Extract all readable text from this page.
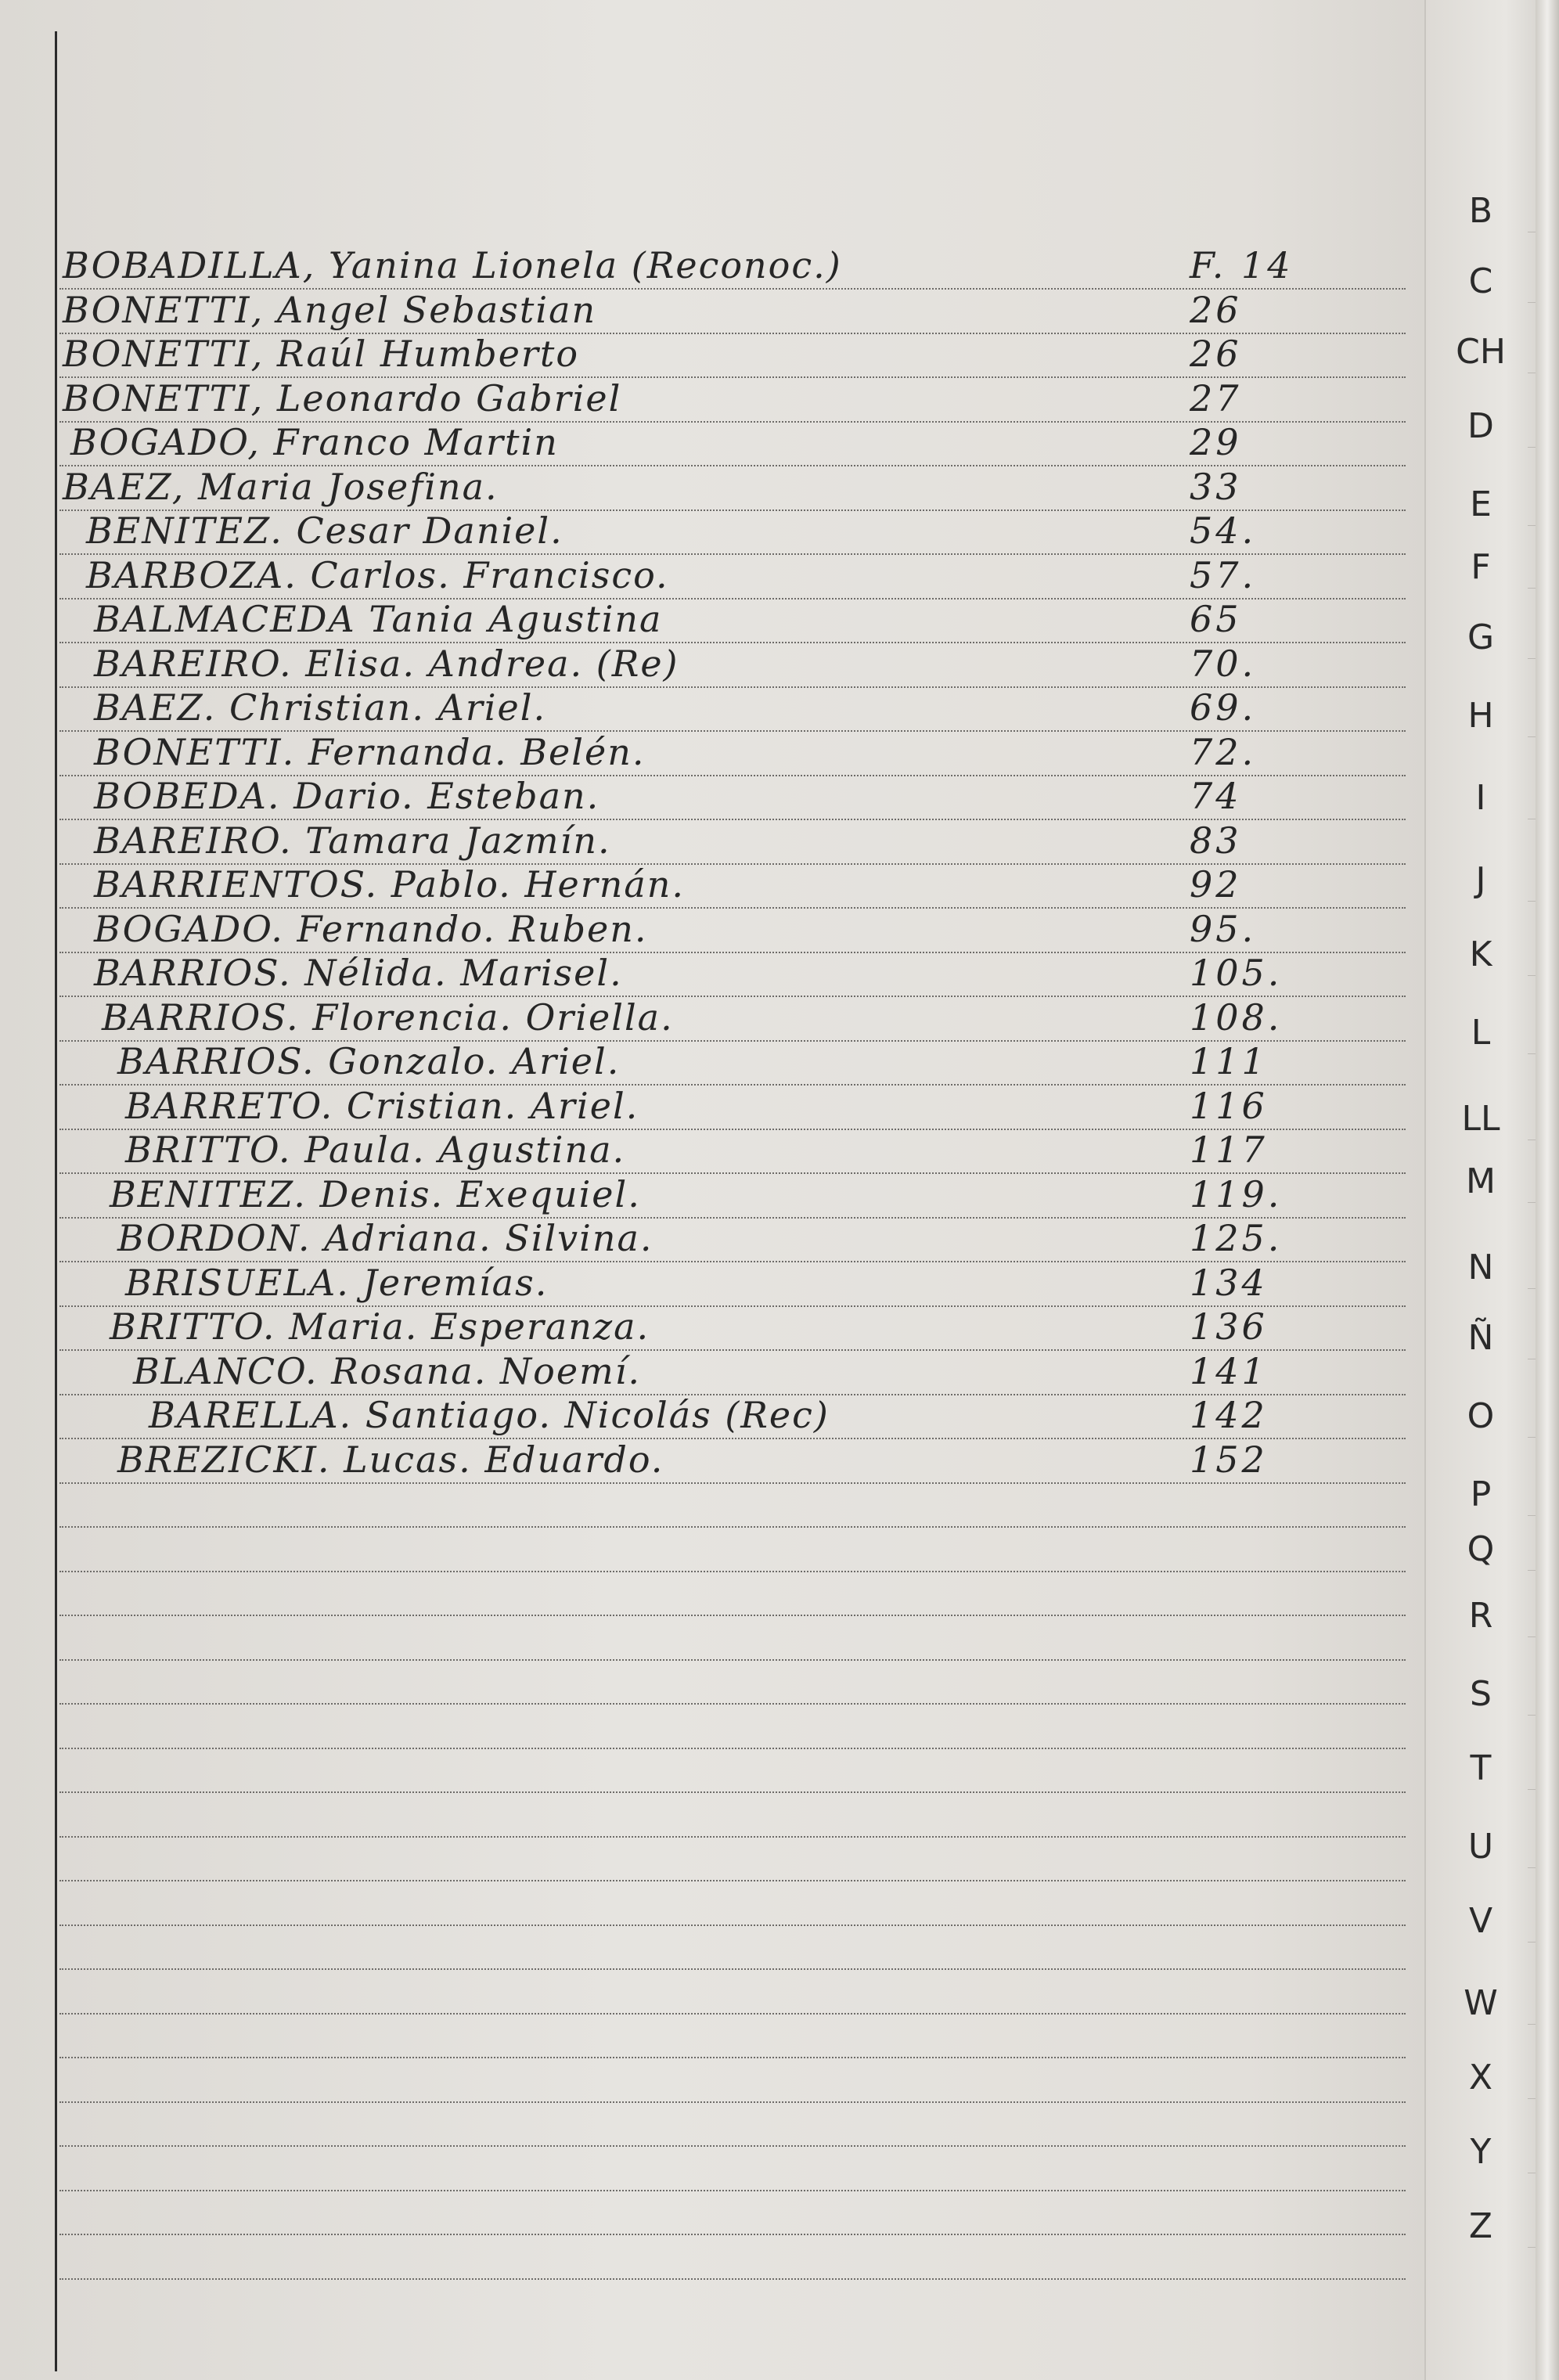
BOBADILLA, Yanina Lionela (Reconoc.)	F. 14
BONETTI, Angel Sebastian	26
BONETTI, Raúl Humberto	26
BONETTI, Leonardo Gabriel	27
BOGADO, Franco Martin	29
BAEZ, Maria Josefina.	33
BENITEZ. Cesar Daniel.	54.
BARBOZA. Carlos. Francisco.	57.
BALMACEDA Tania Agustina	65
BAREIRO. Elisa. Andrea. (Re)	70.
BAEZ. Christian. Ariel.	69.
BONETTI. Fernanda. Belén.	72.
BOBEDA. Dario. Esteban.	74
BAREIRO. Tamara Jazmín.	83
BARRIENTOS. Pablo. Hernán.	92
BOGADO. Fernando. Ruben.	95.
BARRIOS. Nélida. Marisel.	105.
BARRIOS. Florencia. Oriella.	108.
BARRIOS. Gonzalo. Ariel.	111
BARRETO. Cristian. Ariel.	116
BRITTO. Paula. Agustina.	117
BENITEZ. Denis. Exequiel.	119.
BORDON. Adriana. Silvina.	125.
BRISUELA. Jeremías.	134
BRITTO. Maria. Esperanza.	136
BLANCO. Rosana. Noemí.	141
BARELLA. Santiago. Nicolás (Rec)	142
BREZICKI. Lucas. Eduardo.	152
B
C
CH
D
E
F
G
H
I
J
K
L
LL
M
N
Ñ
O
P
Q
R
S
T
U
V
W
X
Y
Z
